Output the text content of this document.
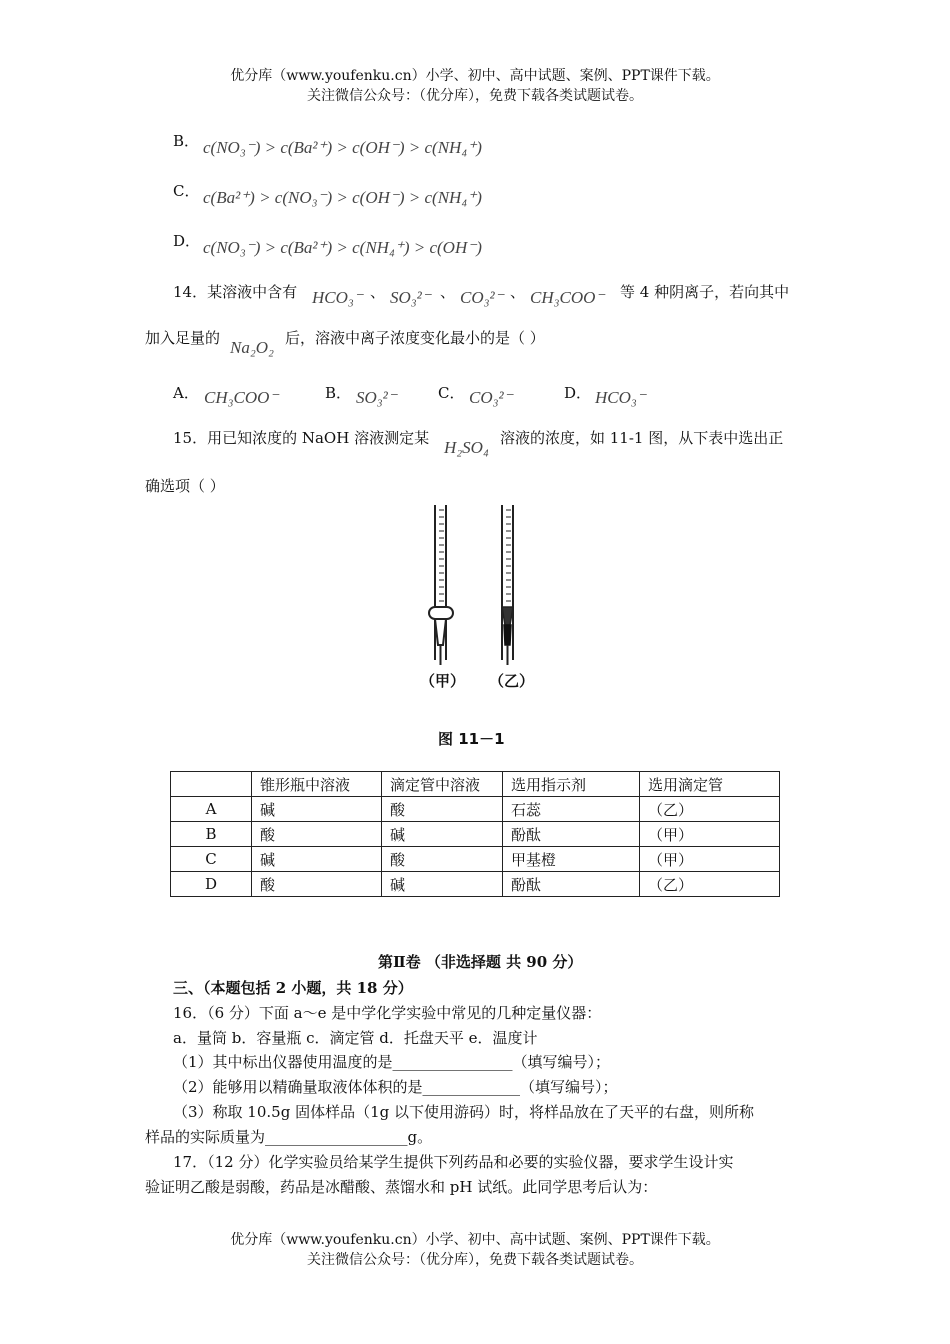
优分库（www.youfenku.cn）小学、初中、高中试题、案例、PPT课件下载。
关注微信公众号：（优分库），免费下载各类试题试卷。
B． c(NO₃⁻) > c(Ba²⁺) > c(OH⁻) > c(NH₄⁺)
C． c(Ba²⁺) > c(NO₃⁻) > c(OH⁻) > c(NH₄⁺)
D． c(NO₃⁻) > c(Ba²⁺) > c(NH₄⁺) > c(OH⁻)
14．某溶液中含有 HCO₃⁻ 、 SO₃²⁻ 、 CO₃²⁻ 、 CH₃COO⁻ 等 4 种阴离子，若向其中
加入足量的 Na₂O₂ 后，溶液中离子浓度变化最小的是（ ）
A． CH₃COO⁻	B． SO₃²⁻	C． CO₃²⁻	D． HCO₃⁻
15．用已知浓度的 NaOH 溶液测定某 H₂SO₄ 溶液的浓度，如 11-1 图，从下表中选出正
确选项（ ）
（甲） （乙）
图 11－1
	锥形瓶中溶液	滴定管中溶液	选用指示剂	选用滴定管
A	碱	酸	石蕊	（乙）
B	酸	碱	酚酞	（甲）
C	碱	酸	甲基橙	（甲）
D	酸	碱	酚酞	（乙）
第Ⅱ卷 （非选择题 共 90 分）
三、（本题包括 2 小题，共 18 分）
16．（6 分）下面 a～e 是中学化学实验中常见的几种定量仪器：
a．量筒 b．容量瓶 c．滴定管 d．托盘天平 e．温度计
（1）其中标出仪器使用温度的是________________（填写编号）；
（2）能够用以精确量取液体体积的是_____________（填写编号）；
（3）称取 10.5g 固体样品（1g 以下使用游码）时，将样品放在了天平的右盘，则所称
样品的实际质量为___________________g。
17．（12 分）化学实验员给某学生提供下列药品和必要的实验仪器，要求学生设计实
验证明乙酸是弱酸，药品是冰醋酸、蒸馏水和 pH 试纸。此同学思考后认为：
优分库（www.youfenku.cn）小学、初中、高中试题、案例、PPT课件下载。
关注微信公众号：（优分库），免费下载各类试题试卷。
